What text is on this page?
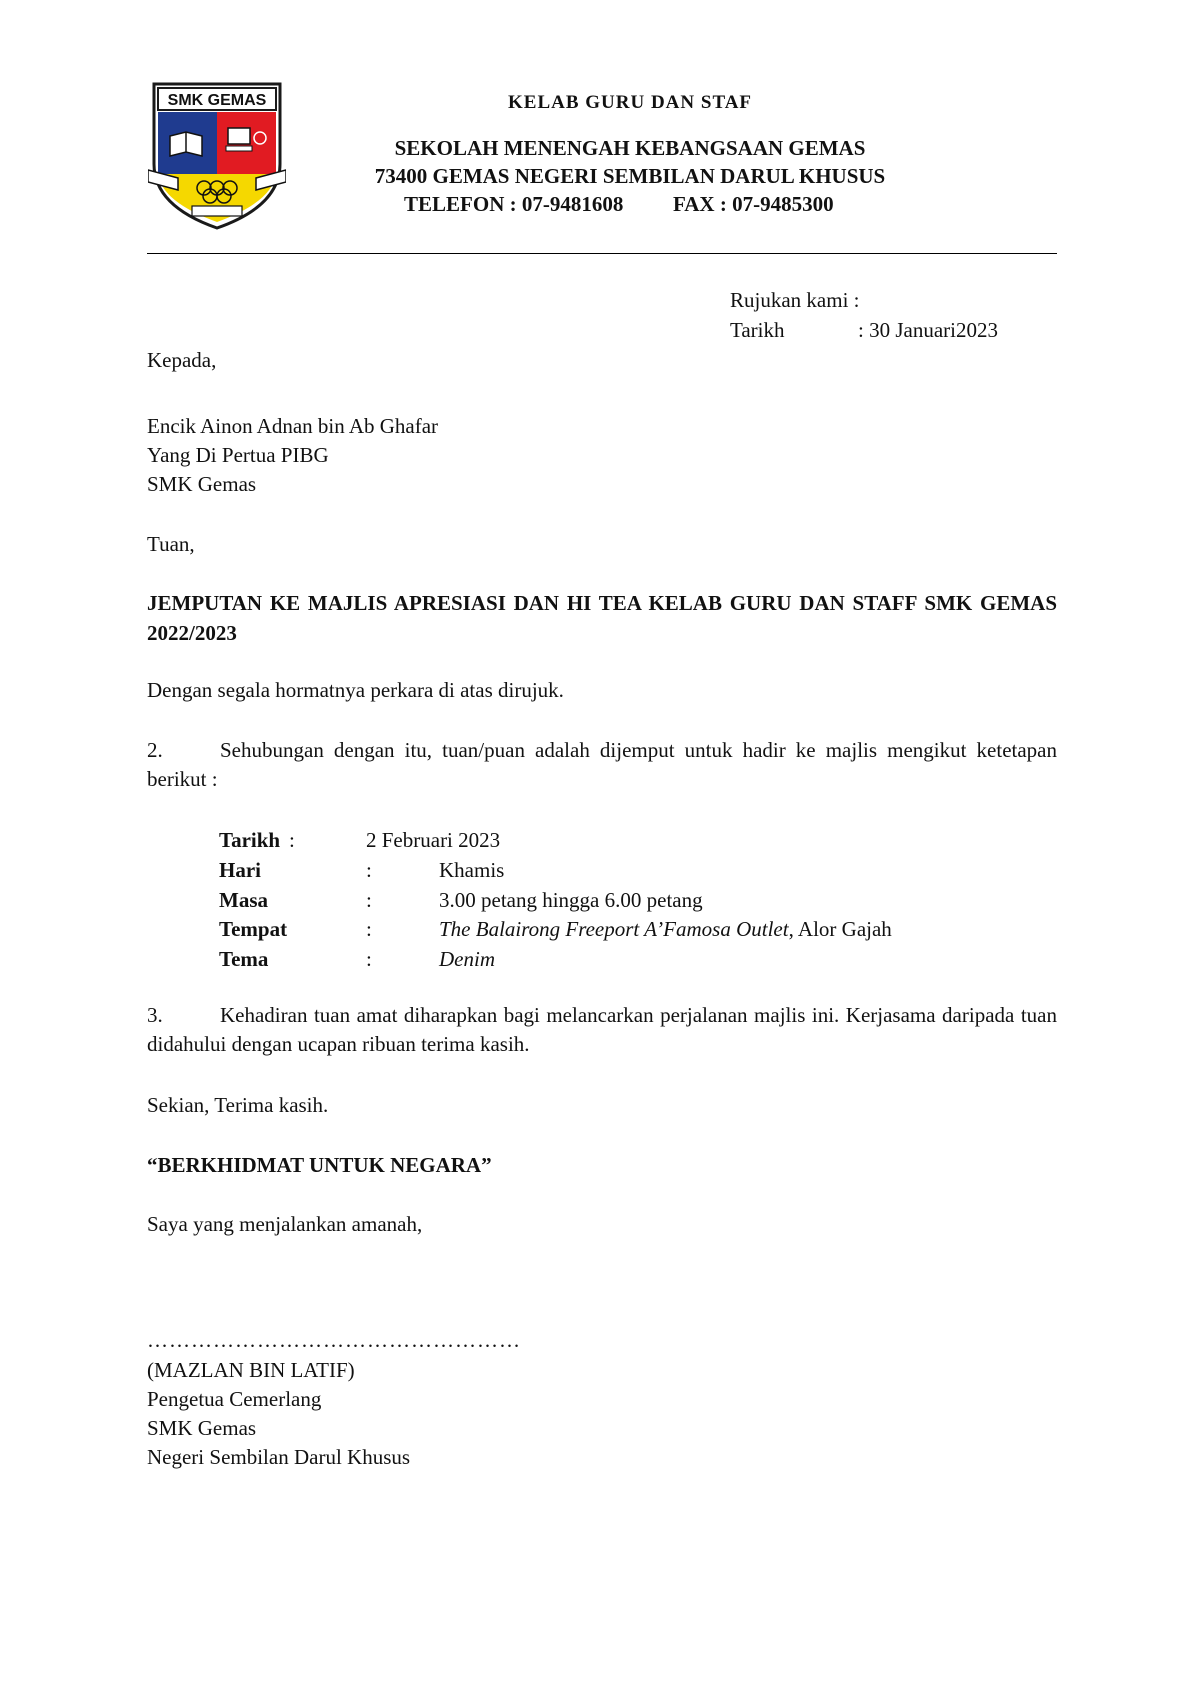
SMK GEMAS	KELAB GURU DAN STAF
SEKOLAH MENENGAH KEBANGSAAN GEMAS
73400 GEMAS NEGERI SEMBILAN DARUL KHUSUS
TELEFON : 07-9481608 FAX : 07-9485300
Rujukan kami :
Tarikh	: 30 Januari2023
Kepada,
Encik Ainon Adnan bin Ab Ghafar
Yang Di Pertua PIBG
SMK Gemas
Tuan,
JEMPUTAN KE MAJLIS APRESIASI DAN HI TEA KELAB GURU DAN STAFF SMK GEMAS 2022/2023
Dengan segala hormatnya perkara di atas dirujuk.
2.	Sehubungan dengan itu, tuan/puan adalah dijemput untuk hadir ke majlis mengikut ketetapan berikut :
Tarikh :	2 Februari 2023
Hari	:	Khamis
Masa	:	3.00 petang hingga 6.00 petang
Tempat	:	The Balairong Freeport A’Famosa Outlet, Alor Gajah
Tema	:	Denim
3.	Kehadiran tuan amat diharapkan bagi melancarkan perjalanan majlis ini. Kerjasama daripada tuan didahului dengan ucapan ribuan terima kasih.
Sekian, Terima kasih.
“BERKHIDMAT UNTUK NEGARA”
Saya yang menjalankan amanah,
……………………………………………
(MAZLAN BIN LATIF)
Pengetua Cemerlang
SMK Gemas
Negeri Sembilan Darul Khusus
